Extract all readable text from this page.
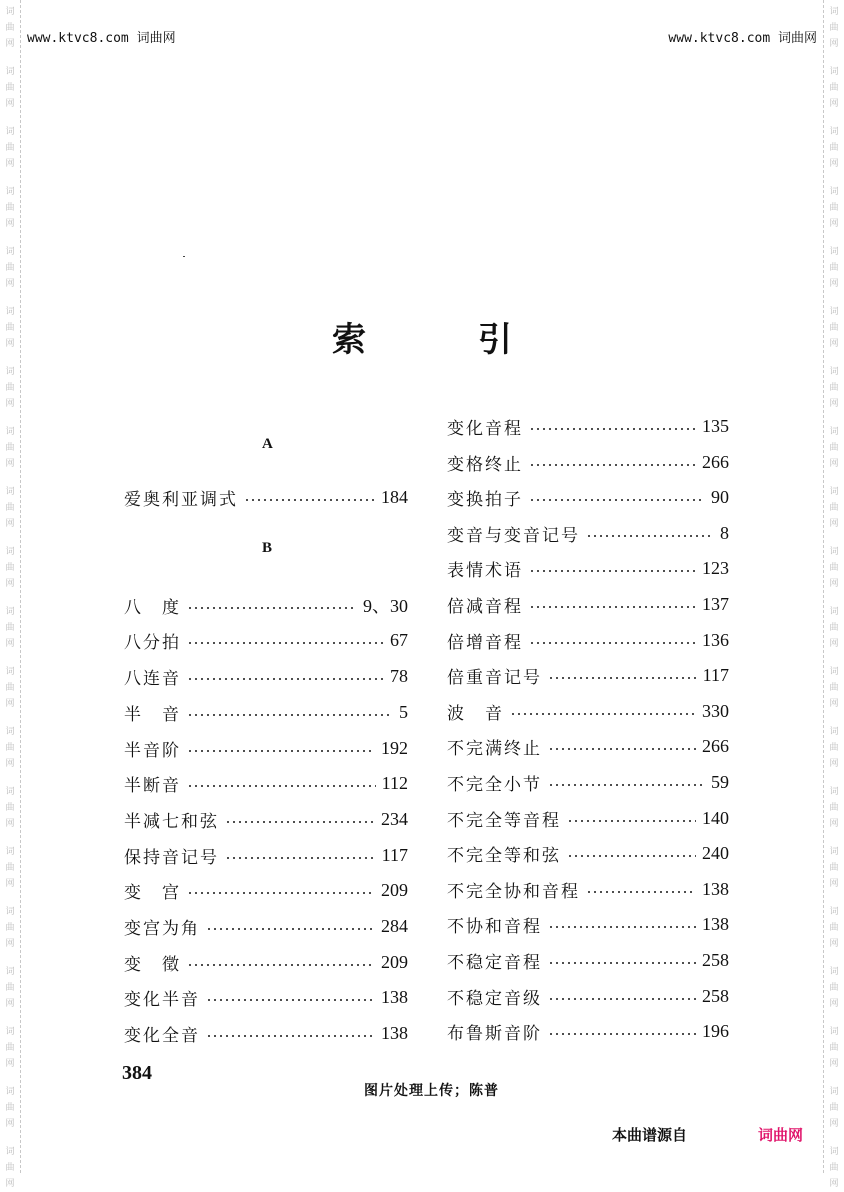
词
曲
网
词
曲
网
词
曲
网
词
曲
网
词
曲
网
词
曲
网
词
曲
网
词
曲
网
词
曲
网
词
曲
网
词
曲
网
词
曲
网
词
曲
网
词
曲
网
词
曲
网
词
曲
网
词
曲
网
词
曲
网
词
曲
网
词
曲
网
词
曲
网
词
曲
网
词
曲
网
词
曲
网
词
曲
网
词
曲
网
词
曲
网
词
曲
网
词
曲
网
词
曲
网
词
曲
网
词
曲
网
词
曲
网
词
曲
网
词
曲
网
词
曲
网
词
曲
网
词
曲
网
词
曲
网
词
曲
网
www.ktvc8.com 词曲网	www.ktvc8.com 词曲网
索引
A
爱奥利亚调式	184
B
八　度	9、30
八分拍	67
八连音	78
半　音	5
半音阶	192
半断音	112
半减七和弦	234
保持音记号	117
变　宫	209
变宫为角	284
变　徵	209
变化半音	138
变化全音	138
变化音程	135
变格终止	266
变换拍子	90
变音与变音记号	8
表情术语	123
倍减音程	137
倍增音程	136
倍重音记号	117
波　音	330
不完满终止	266
不完全小节	59
不完全等音程	140
不完全等和弦	240
不完全协和音程	138
不协和音程	138
不稳定音程	258
不稳定音级	258
布鲁斯音阶	196
384
图片处理上传；陈普
本曲谱源自	词曲网
